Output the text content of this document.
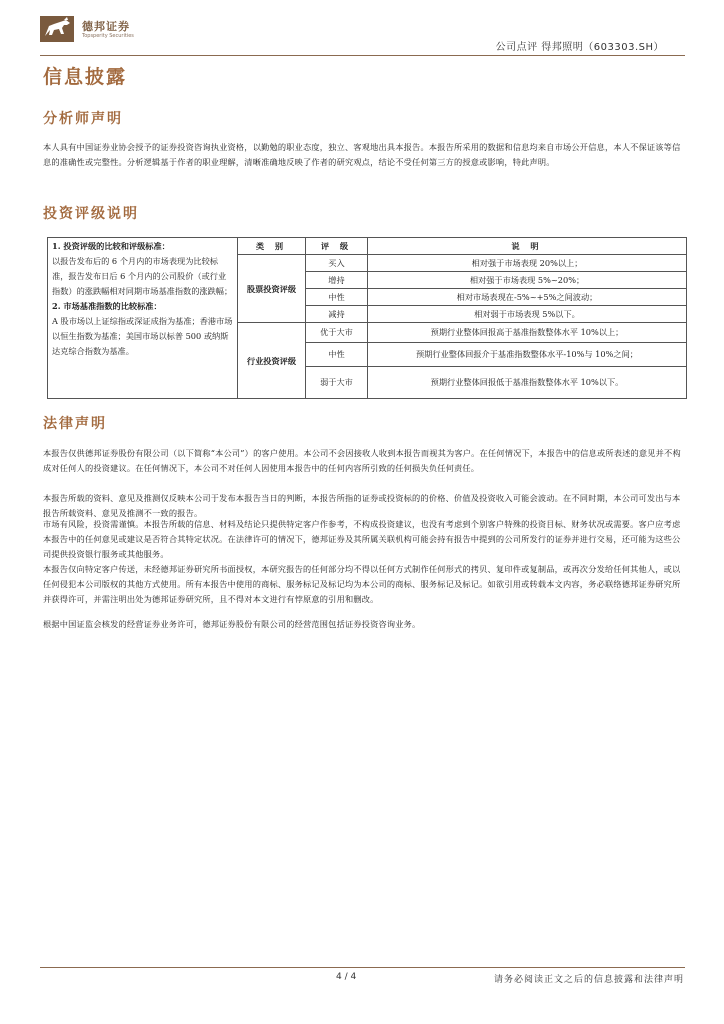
德邦证券
Topsperity Securities
公司点评 得邦照明（603303.SH）
信息披露
分析师声明
本人具有中国证券业协会授予的证券投资咨询执业资格，以勤勉的职业态度，独立、客观地出具本报告。本报告所采用的数据和信息均来自市场公开信息，本人不保证该等信息的准确性或完整性。分析逻辑基于作者的职业理解，清晰准确地反映了作者的研究观点，结论不受任何第三方的授意或影响，特此声明。
投资评级说明
1. 投资评级的比较和评级标准：
以报告发布后的 6 个月内的市场表现为比较标准，报告发布日后 6 个月内的公司股价（或行业指数）的涨跌幅相对同期市场基准指数的涨跌幅；
2. 市场基准指数的比较标准：
A 股市场以上证综指或深证成指为基准；香港市场以恒生指数为基准；美国市场以标普 500 或纳斯达克综合指数为基准。	类 别	评 级	说 明
	股票投资评级	买入	相对强于市场表现 20%以上；
		增持	相对强于市场表现 5%~20%；
		中性	相对市场表现在-5%~+5%之间波动；
		减持	相对弱于市场表现 5%以下。
	行业投资评级	优于大市	预期行业整体回报高于基准指数整体水平 10%以上；
		中性	预期行业整体回报介于基准指数整体水平-10%与 10%之间；
		弱于大市	预期行业整体回报低于基准指数整体水平 10%以下。
法律声明
本报告仅供德邦证券股份有限公司（以下简称“本公司”）的客户使用。本公司不会因接收人收到本报告而视其为客户。在任何情况下，本报告中的信息或所表述的意见并不构成对任何人的投资建议。在任何情况下，本公司不对任何人因使用本报告中的任何内容所引致的任何损失负任何责任。
本报告所载的资料、意见及推测仅反映本公司于发布本报告当日的判断，本报告所指的证券或投资标的的价格、价值及投资收入可能会波动。在不同时期，本公司可发出与本报告所载资料、意见及推测不一致的报告。
市场有风险，投资需谨慎。本报告所载的信息、材料及结论只提供特定客户作参考，不构成投资建议，也没有考虑到个别客户特殊的投资目标、财务状况或需要。客户应考虑本报告中的任何意见或建议是否符合其特定状况。在法律许可的情况下，德邦证券及其所属关联机构可能会持有报告中提到的公司所发行的证券并进行交易，还可能为这些公司提供投资银行服务或其他服务。
本报告仅向特定客户传送，未经德邦证券研究所书面授权，本研究报告的任何部分均不得以任何方式制作任何形式的拷贝、复印件或复制品，或再次分发给任何其他人，或以任何侵犯本公司版权的其他方式使用。所有本报告中使用的商标、服务标记及标记均为本公司的商标、服务标记及标记。如欲引用或转载本文内容，务必联络德邦证券研究所并获得许可，并需注明出处为德邦证券研究所，且不得对本文进行有悖原意的引用和删改。
根据中国证监会核发的经营证券业务许可，德邦证券股份有限公司的经营范围包括证券投资咨询业务。
4 / 4	请务必阅读正文之后的信息披露和法律声明
